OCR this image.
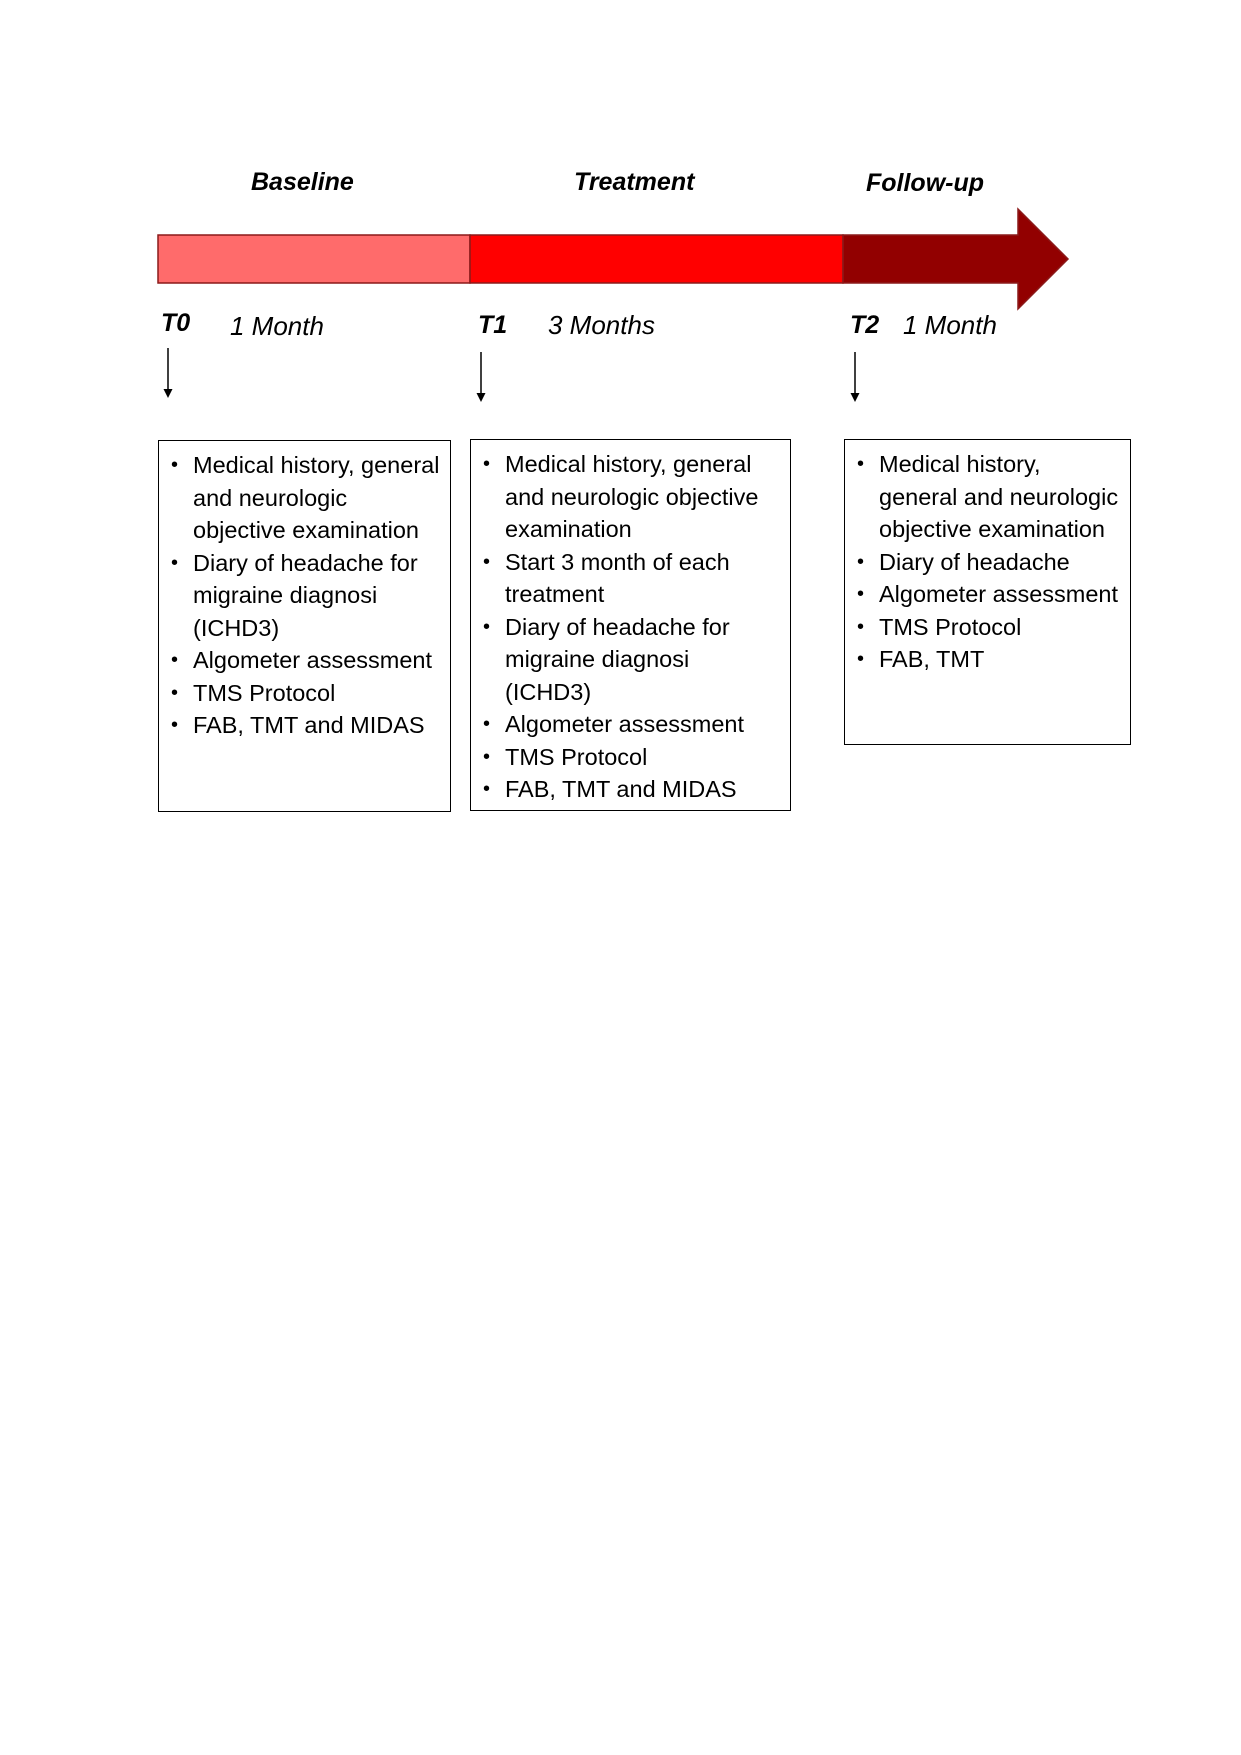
Baseline	Treatment	Follow-up
T0	T1	T2
1 Month	3 Months	1 Month
• Medical history, general and neurologic objective examination
• Diary of headache for migraine diagnosi (ICHD3)
• Algometer assessment
• TMS Protocol
• FAB, TMT and MIDAS
• Medical history, general and neurologic objective examination
• Start 3 month of each treatment
• Diary of headache for migraine diagnosi (ICHD3)
• Algometer assessment
• TMS Protocol
• FAB, TMT and MIDAS
• Medical history, general and neurologic objective examination
• Diary of headache
• Algometer assessment
• TMS Protocol
• FAB, TMT
